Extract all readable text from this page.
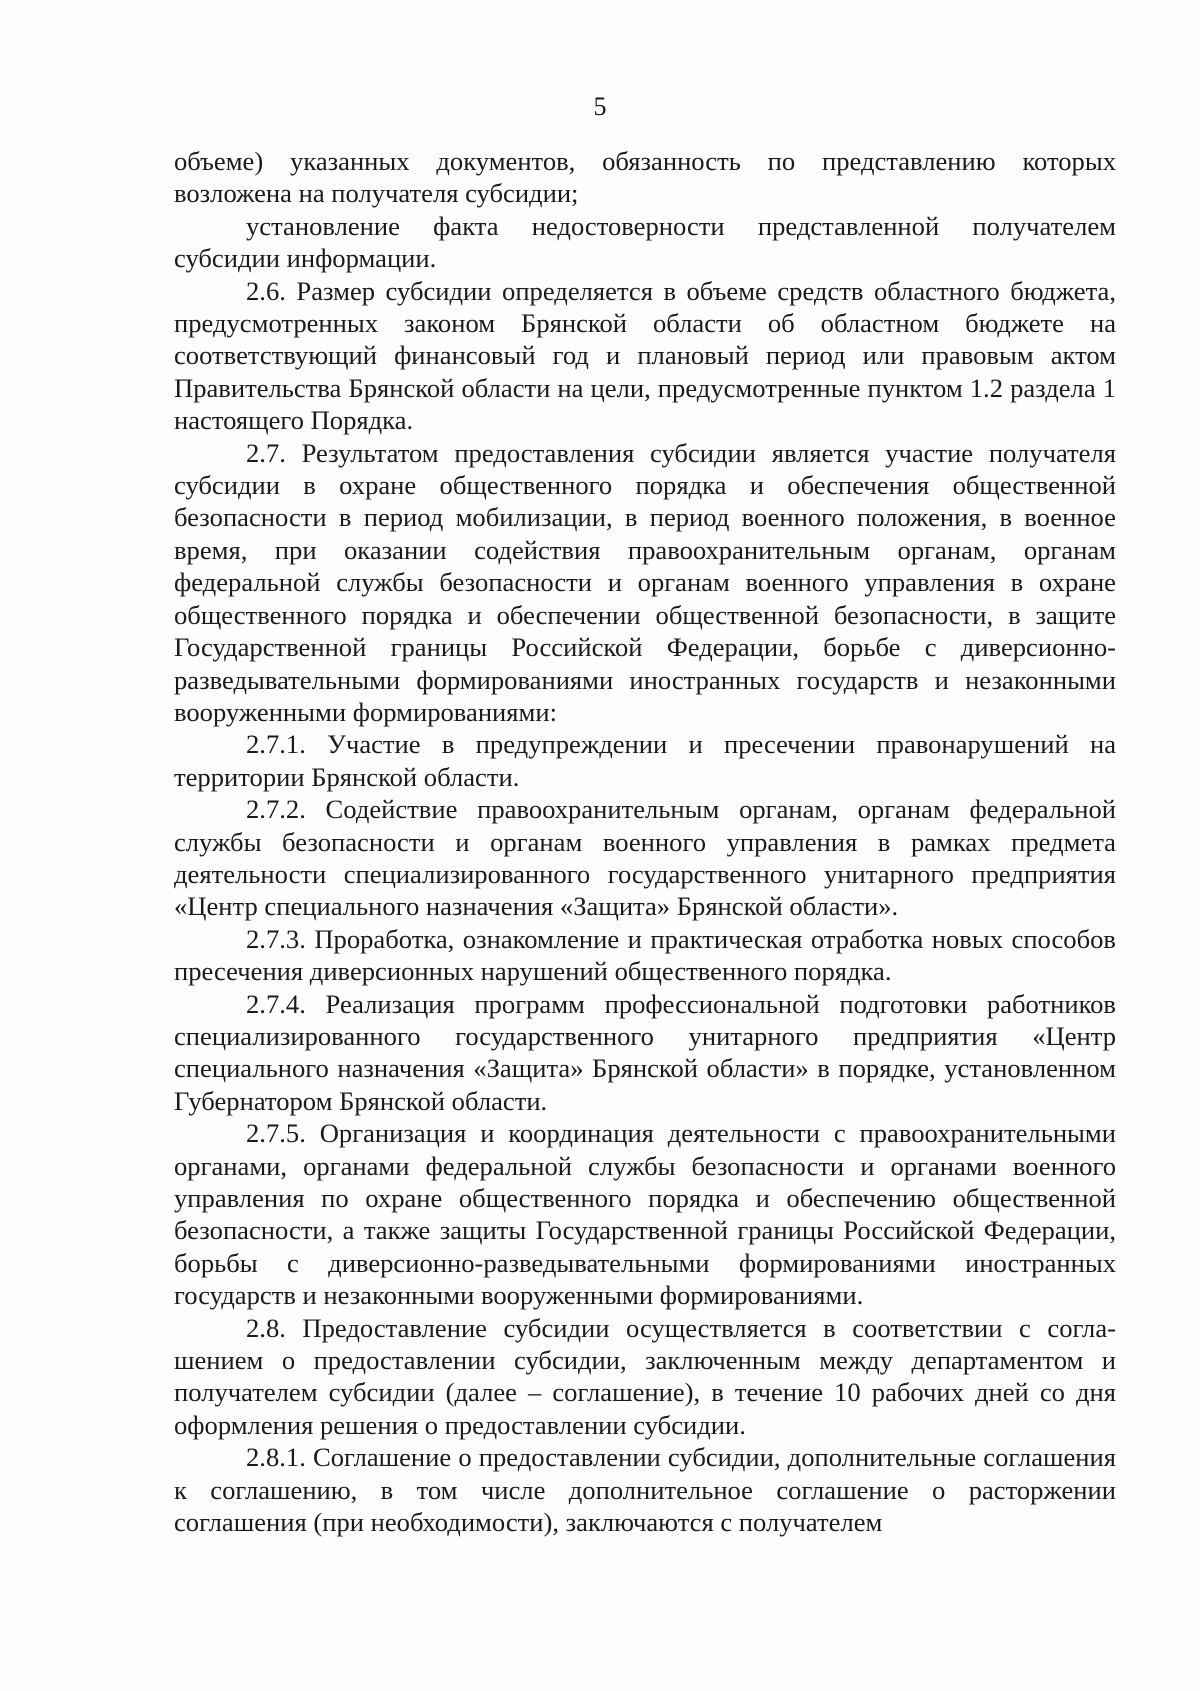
5

объеме) указанных документов, обязанность по представлению которых возложена на получателя субсидии;

установление факта недостоверности представленной получателем субсидии информации.

2.6. Размер субсидии определяется в объеме средств областного бюджета, предусмотренных законом Брянской области об областном бюджете на соответствующий финансовый год и плановый период или правовым актом Правительства Брянской области на цели, предусмотренные пунктом 1.2 раздела 1 настоящего Порядка.

2.7. Результатом предоставления субсидии является участие получателя субсидии в охране общественного порядка и обеспечения общественной безопасности в период мобилизации, в период военного положения, в военное время, при оказании содействия правоохранительным органам, органам федеральной службы безопасности и органам военного управления в охране общественного порядка и обеспечении общественной безопасности, в защите Государственной границы Российской Федерации, борьбе с диверсионно-разведывательными формированиями иностранных государств и незаконными вооруженными формированиями:

2.7.1. Участие в предупреждении и пресечении правонарушений на территории Брянской области.

2.7.2. Содействие правоохранительным органам, органам федеральной службы безопасности и органам военного управления в рамках предмета деятельности специализированного государственного унитарного предприятия «Центр специального назначения «Защита» Брянской области».

2.7.3. Проработка, ознакомление и практическая отработка новых способов пресечения диверсионных нарушений общественного порядка.

2.7.4. Реализация программ профессиональной подготовки работников специализированного государственного унитарного предприятия «Центр специального назначения «Защита» Брянской области» в порядке, установленном Губернатором Брянской области.

2.7.5. Организация и координация деятельности с правоохранительными органами, органами федеральной службы безопасности и органами военного управления по охране общественного порядка и обеспечению общественной безопасности, а также защиты Государственной границы Российской Федерации, борьбы с диверсионно-разведывательными формированиями иностранных государств и незаконными вооруженными формированиями.

2.8. Предоставление субсидии осуществляется в соответствии с соглашением о предоставлении субсидии, заключенным между департаментом и получателем субсидии (далее – соглашение), в течение 10 рабочих дней со дня оформления решения о предоставлении субсидии.

2.8.1. Соглашение о предоставлении субсидии, дополнительные соглашения к соглашению, в том числе дополнительное соглашение о расторжении соглашения (при необходимости), заключаются с получателем
